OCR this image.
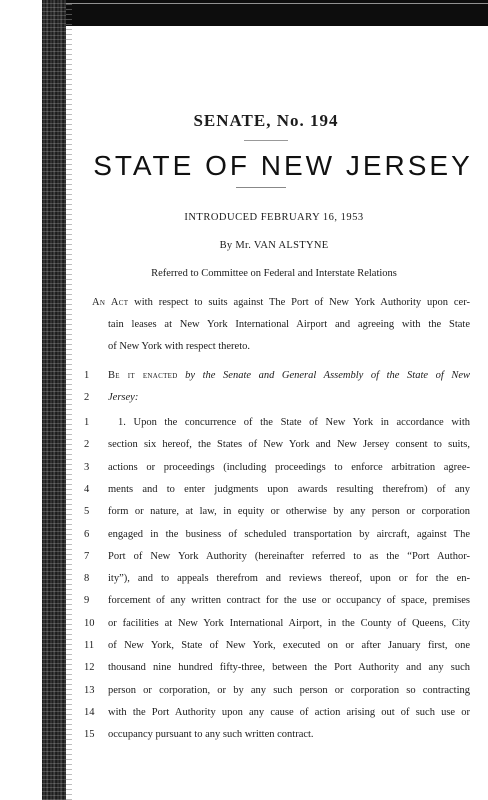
SENATE, No. 194
STATE OF NEW JERSEY
INTRODUCED FEBRUARY 16, 1953
By Mr. VAN ALSTYNE
Referred to Committee on Federal and Interstate Relations
An Act with respect to suits against The Port of New York Authority upon cer-
tain leases at New York International Airport and agreeing with the State
of New York with respect thereto.
1	Be it enacted by the Senate and General Assembly of the State of New
2	Jersey:
1	1. Upon the concurrence of the State of New York in accordance with
2	section six hereof, the States of New York and New Jersey consent to suits,
3	actions or proceedings (including proceedings to enforce arbitration agree-
4	ments and to enter judgments upon awards resulting therefrom) of any
5	form or nature, at law, in equity or otherwise by any person or corporation
6	engaged in the business of scheduled transportation by aircraft, against The
7	Port of New York Authority (hereinafter referred to as the “Port Author-
8	ity”), and to appeals therefrom and reviews thereof, upon or for the en-
9	forcement of any written contract for the use or occupancy of space, premises
10	or facilities at New York International Airport, in the County of Queens, City
11	of New York, State of New York, executed on or after January first, one
12	thousand nine hundred fifty-three, between the Port Authority and any such
13	person or corporation, or by any such person or corporation so contracting
14	with the Port Authority upon any cause of action arising out of such use or
15	occupancy pursuant to any such written contract.
